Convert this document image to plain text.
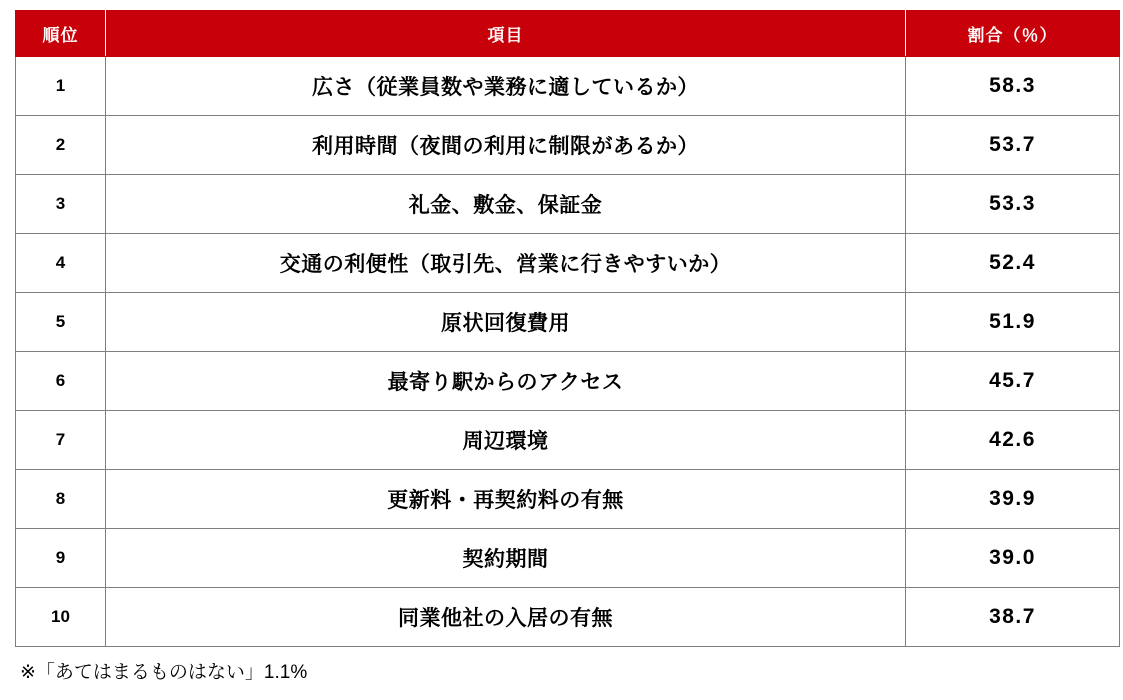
順位	項目	割合（％）
1	広さ（従業員数や業務に適しているか）	58.3
2	利用時間（夜間の利用に制限があるか）	53.7
3	礼金、敷金、保証金	53.3
4	交通の利便性（取引先、営業に行きやすいか）	52.4
5	原状回復費用	51.9
6	最寄り駅からのアクセス	45.7
7	周辺環境	42.6
8	更新料・再契約料の有無	39.9
9	契約期間	39.0
10	同業他社の入居の有無	38.7
※「あてはまるものはない」1.1%
